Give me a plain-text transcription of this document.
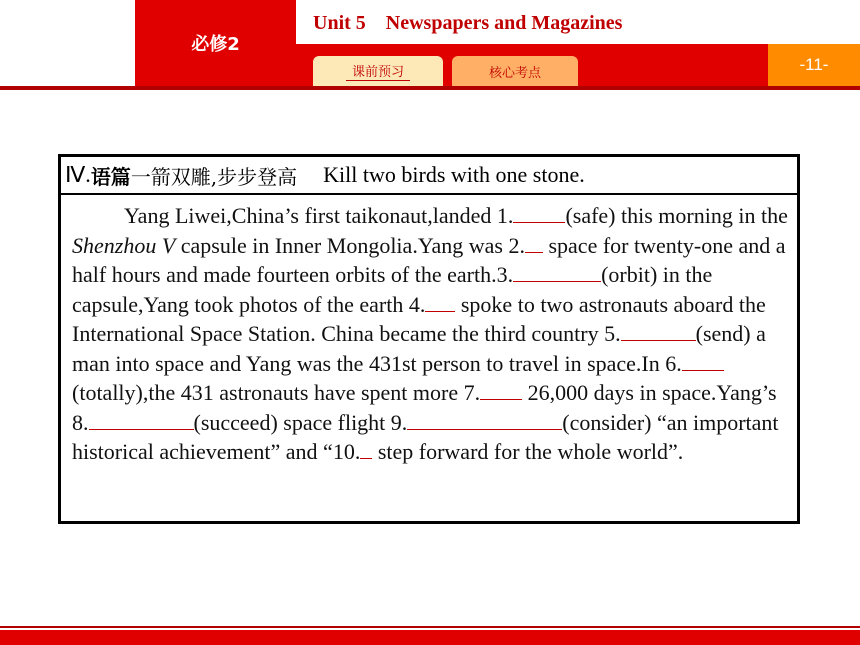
必修2
Unit 5    Newspapers and Magazines
课前预习	核心考点	-11-
Ⅳ. 语篇 一箭双雕,步步登高 Kill two birds with one stone.

Yang Liwei,China’s first taikonaut,landed 1. (safe) this morning in the Shenzhou V capsule in Inner Mongolia.Yang was 2. space for twenty-one and a half hours and made fourteen orbits of the earth.3.	(orbit) in the capsule,Yang took photos of the earth 4. spoke to two astronauts aboard the International Space Station. China became the third country 5.	(send) a man into space and Yang was the 431st person to travel in space.In 6.(totally),the 431 astronauts have spent more 7. 26,000 days in space.Yang’s 8.	(succeed) space flight 9.	(consider) “an important historical achievement” and “10. step forward for the whole world”.
